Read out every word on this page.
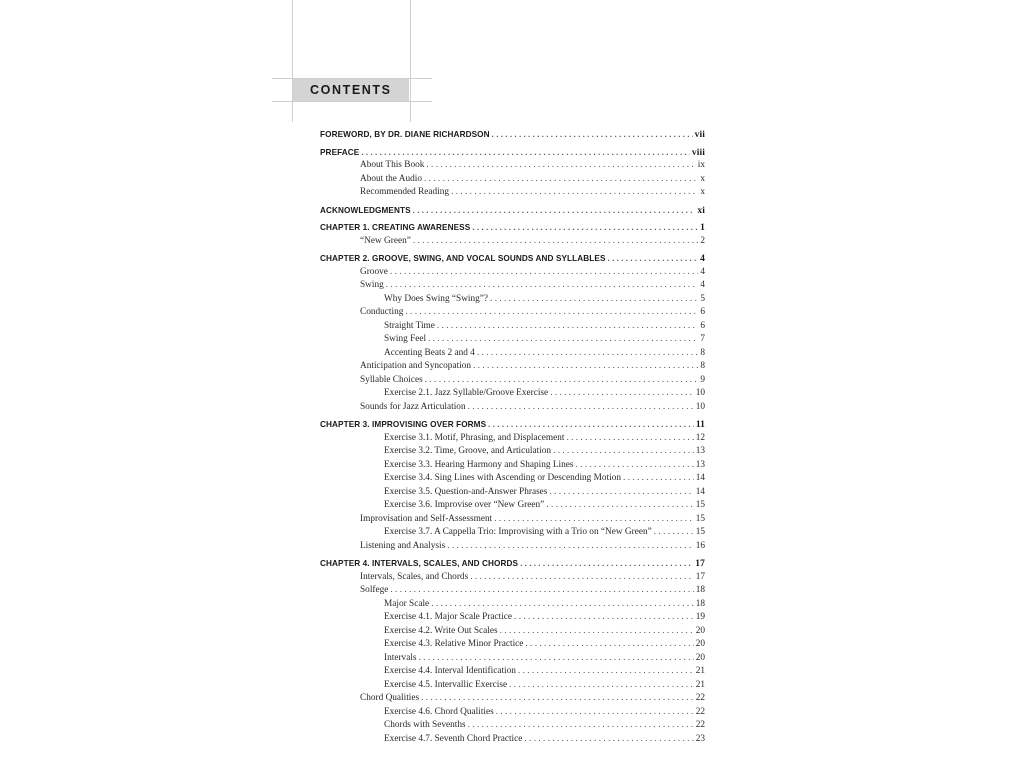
CONTENTS
FOREWORD, BY DR. DIANE RICHARDSON . . .	vii
PREFACE . . .	viii
About This Book . . .	ix
About the Audio . . .	x
Recommended Reading . . .	x
ACKNOWLEDGMENTS . . .	xi
CHAPTER 1. CREATING AWARENESS . . .	1
“New Green” . . .	2
CHAPTER 2. GROOVE, SWING, AND VOCAL SOUNDS AND SYLLABLES . . .	4
Groove . . .	4
Swing . . .	4
Why Does Swing “Swing”? . . .	5
Conducting . . .	6
Straight Time . . .	6
Swing Feel . . .	7
Accenting Beats 2 and 4 . . .	8
Anticipation and Syncopation . . .	8
Syllable Choices . . .	9
Exercise 2.1. Jazz Syllable/Groove Exercise . . .	10
Sounds for Jazz Articulation . . .	10
CHAPTER 3. IMPROVISING OVER FORMS . . .	11
Exercise 3.1. Motif, Phrasing, and Displacement . . .	12
Exercise 3.2. Time, Groove, and Articulation . . .	13
Exercise 3.3. Hearing Harmony and Shaping Lines . . .	13
Exercise 3.4. Sing Lines with Ascending or Descending Motion . . .	14
Exercise 3.5. Question-and-Answer Phrases . . .	14
Exercise 3.6. Improvise over “New Green” . . .	15
Improvisation and Self-Assessment . . .	15
Exercise 3.7. A Cappella Trio: Improvising with a Trio on “New Green” . . .	15
Listening and Analysis . . .	16
CHAPTER 4. INTERVALS, SCALES, AND CHORDS . . .	17
Intervals, Scales, and Chords . . .	17
Solfege . . .	18
Major Scale . . .	18
Exercise 4.1. Major Scale Practice . . .	19
Exercise 4.2. Write Out Scales . . .	20
Exercise 4.3. Relative Minor Practice . . .	20
Intervals . . .	20
Exercise 4.4. Interval Identification . . .	21
Exercise 4.5. Intervallic Exercise . . .	21
Chord Qualities . . .	22
Exercise 4.6. Chord Qualities . . .	22
Chords with Sevenths . . .	22
Exercise 4.7. Seventh Chord Practice . . .	23
